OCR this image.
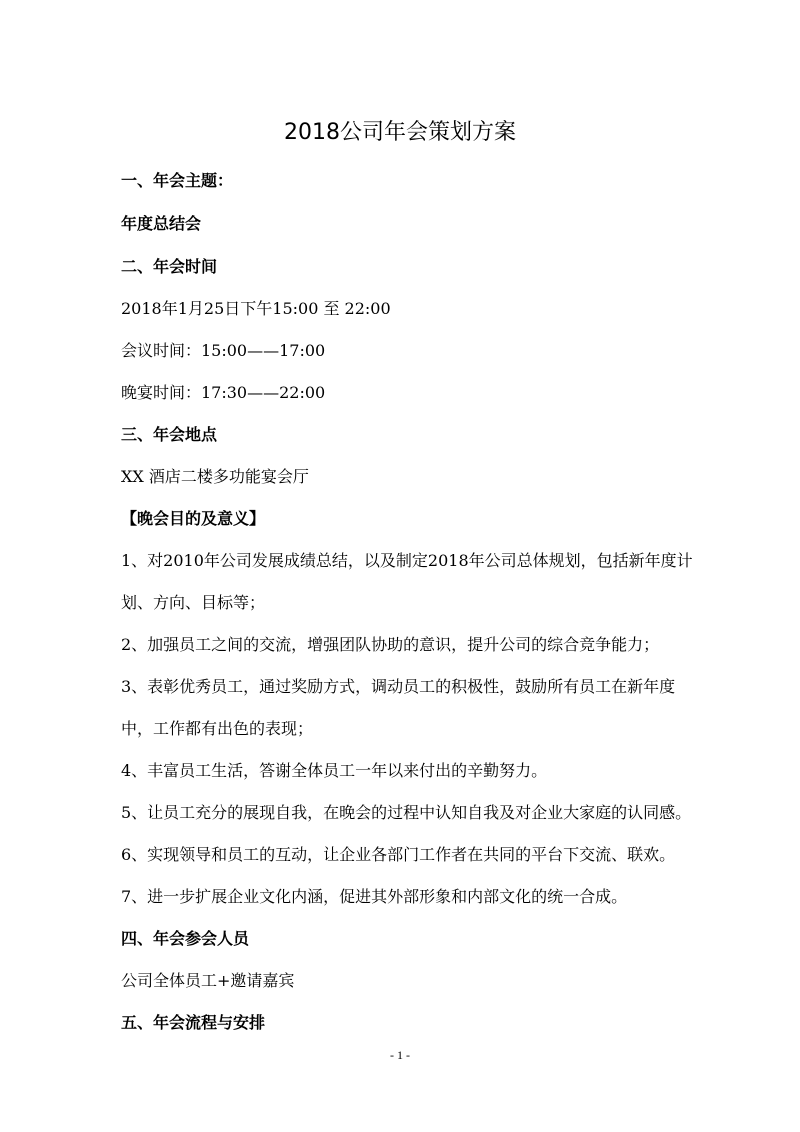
2018公司年会策划方案

一、年会主题：

年度总结会

二、年会时间

2018年1月25日下午15:00 至 22:00

会议时间：15:00——17:00

晚宴时间：17:30——22:00

三、年会地点

XX 酒店二楼多功能宴会厅

【晚会目的及意义】

1、对2010年公司发展成绩总结，以及制定2018年公司总体规划，包括新年度计

划、方向、目标等；

2、加强员工之间的交流，增强团队协助的意识，提升公司的综合竞争能力；

3、表彰优秀员工，通过奖励方式，调动员工的积极性，鼓励所有员工在新年度

中，工作都有出色的表现；

4、丰富员工生活，答谢全体员工一年以来付出的辛勤努力。

5、让员工充分的展现自我，在晚会的过程中认知自我及对企业大家庭的认同感。

6、实现领导和员工的互动，让企业各部门工作者在共同的平台下交流、联欢。

7、进一步扩展企业文化内涵，促进其外部形象和内部文化的统一合成。

四、年会参会人员

公司全体员工+邀请嘉宾

五、年会流程与安排

- 1 -
